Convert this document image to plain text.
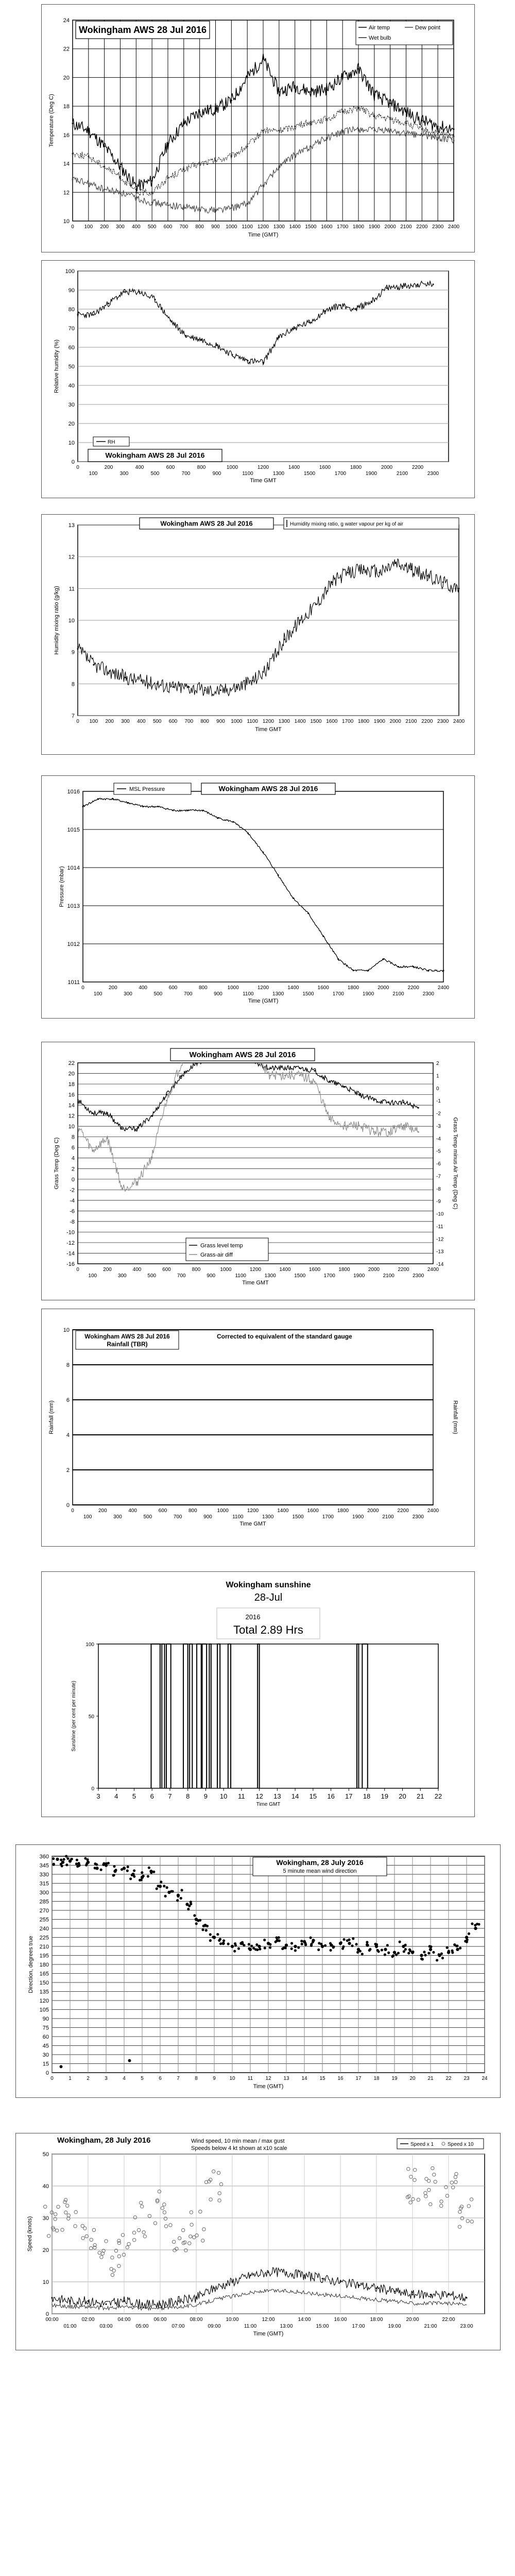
10
12
14
16
18
20
22
24
0 100 200 300 400 500 600 700 800 900 1000 1100 1200 1300 1400 1500 1600 1700 1800 1900 2000 2100 2200 2300 2400
Time (GMT)
Temperature (Deg C)
Wokingham AWS 28 Jul 2016	Air temp	Dew point
Wet bulb
0
10
20
30
40
50
60
70
80
90
100
0
100
200
300
400
500
600
700
800
900
1000
1100
1200
1300
1400
1500
1600
1700
1800
1900
2000
2100
2200
2300
Time GMT
Relative humidity (%)
RH
Wokingham AWS 28 Jul 2016
7
8
9
10
11
12
13
0 100 200 300 400 500 600 700 800 900 1000 1100 1200 1300 1400 1500 1600 1700 1800 1900 2000 2100 2200 2300 2400
Time GMT
Humidity mixing ratio (g/kg)
Wokingham AWS 28 Jul 2016	Humidity mixing ratio, g water vapour per kg of air
1011
1012
1013
1014
1015
1016
0
100
200
300
400
500
600
700
800
900
1000
1100
1200
1300
1400
1500
1600
1700
1800
1900
2000
2100
2200
2300
2400
Time (GMT)
Pressure (mbar)
MSL Pressure	Wokingham AWS 28 Jul 2016
-16
-14
-12
-10
-8
-6
-4
-2
0
2
4
6
8
10
12
14
16
18
20
22
-14
-13
-12
-11
-10
-9
-8
-7
-6
-5
-4
-3
-2
-1
0
1
2
0
100
200
300
400
500
600
700
800
900
1000
1100
1200
1300
1400
1500
1600
1700
1800
1900
2000
2100
2200
2300
2400
Time GMT
Grass Temp (Deg C)	Grass Temp minus Air Temp (Deg C)
Wokingham AWS 28 Jul 2016
Grass level temp
Grass-air diff
0
2
4
6
8
10
0
100
200
300
400
500
600
700
800
900
1000
1100
1200
1300
1400
1500
1600
1700
1800
1900
2000
2100
2200
2300
2400
Time GMT
Rainfall (mm)	Rainfall (mm)
Wokingham AWS 28 Jul 2016
Rainfall (TBR)
Corrected to equivalent of the standard gauge
0
50
100
3 4 5 6 7 8 9 10 11 12 13 14 15 16 17 18 19 20 21 22
Time GMT
Sunshine (per cent per minute)
Wokingham sunshine
28-Jul
2016
Total 2.89 Hrs
0
15
30
45
60
75
90
105
120
135
150
165
180
195
210
225
240
255
270
285
300
315
330
345
360
0	1	2	3	4	5	6	7	8	9	10 11 12 13 14 15 16 17 18 19 20 21 22 23 24
Time (GMT)
Direction, degrees true
Wokingham, 28 July 2016
5 minute mean wind direction
0
10
20
30
40
50
00:00	02:00	04:00	06:00	08:00	10:00	12:00	14:00	16:00	18:00	20:00	22:00
01:00	03:00	05:00	07:00	09:00	11:00	13:00	15:00	17:00	19:00	21:00	23:00
Time (GMT)
Speed (knots)
Wokingham, 28 July 2016	Wind speed, 10 min mean / max gust
Speeds below 4 kt shown at x10 scale
Speed x 1	Speed x 10
